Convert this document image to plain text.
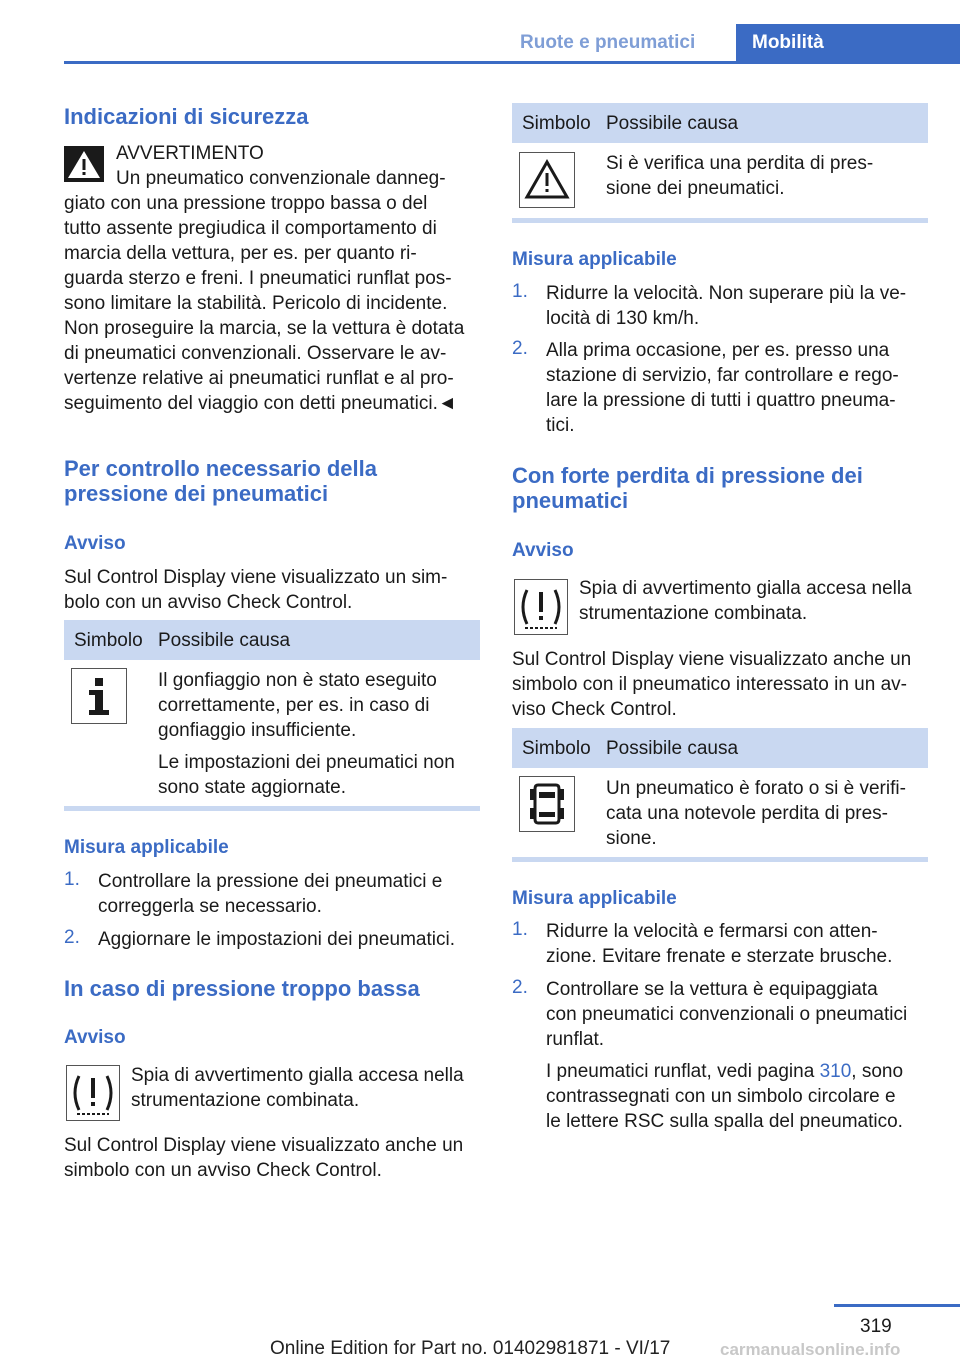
Ruote e pneumatici	Mobilità
Indicazioni di sicurezza
AVVERTIMENTO
Un pneumatico convenzionale danneg-
giato con una pressione troppo bassa o del
tutto assente pregiudica il comportamento di
marcia della vettura, per es. per quanto ri-
guarda sterzo e freni. I pneumatici runflat pos-
sono limitare la stabilità. Pericolo di incidente.
Non proseguire la marcia, se la vettura è dotata
di pneumatici convenzionali. Osservare le av-
vertenze relative ai pneumatici runflat e al pro-
seguimento del viaggio con detti pneumatici.◄
Per controllo necessario della
pressione dei pneumatici
Avviso
Sul Control Display viene visualizzato un sim-
bolo con un avviso Check Control.
Simbolo Possibile causa
Il gonfiaggio non è stato eseguito
correttamente, per es. in caso di
gonfiaggio insufficiente.
Le impostazioni dei pneumatici non
sono state aggiornate.
Misura applicabile
1. Controllare la pressione dei pneumatici e
correggerla se necessario.
2. Aggiornare le impostazioni dei pneumatici.
In caso di pressione troppo bassa
Avviso
Spia di avvertimento gialla accesa nella
strumentazione combinata.
Sul Control Display viene visualizzato anche un
simbolo con un avviso Check Control.
Simbolo Possibile causa
Si è verifica una perdita di pres-
sione dei pneumatici.
Misura applicabile
1. Ridurre la velocità. Non superare più la ve-
locità di 130 km/h.
2. Alla prima occasione, per es. presso una
stazione di servizio, far controllare e rego-
lare la pressione di tutti i quattro pneuma-
tici.
Con forte perdita di pressione dei
pneumatici
Avviso
Spia di avvertimento gialla accesa nella
strumentazione combinata.
Sul Control Display viene visualizzato anche un
simbolo con il pneumatico interessato in un av-
viso Check Control.
Simbolo Possibile causa
Un pneumatico è forato o si è verifi-
cata una notevole perdita di pres-
sione.
Misura applicabile
1. Ridurre la velocità e fermarsi con atten-
zione. Evitare frenate e sterzate brusche.
2. Controllare se la vettura è equipaggiata
con pneumatici convenzionali o pneumatici
runflat.
I pneumatici runflat, vedi pagina 310, sono
contrassegnati con un simbolo circolare e
le lettere RSC sulla spalla del pneumatico.
319
Online Edition for Part no. 01402981871 - VI/17	carmanualsonline.info
